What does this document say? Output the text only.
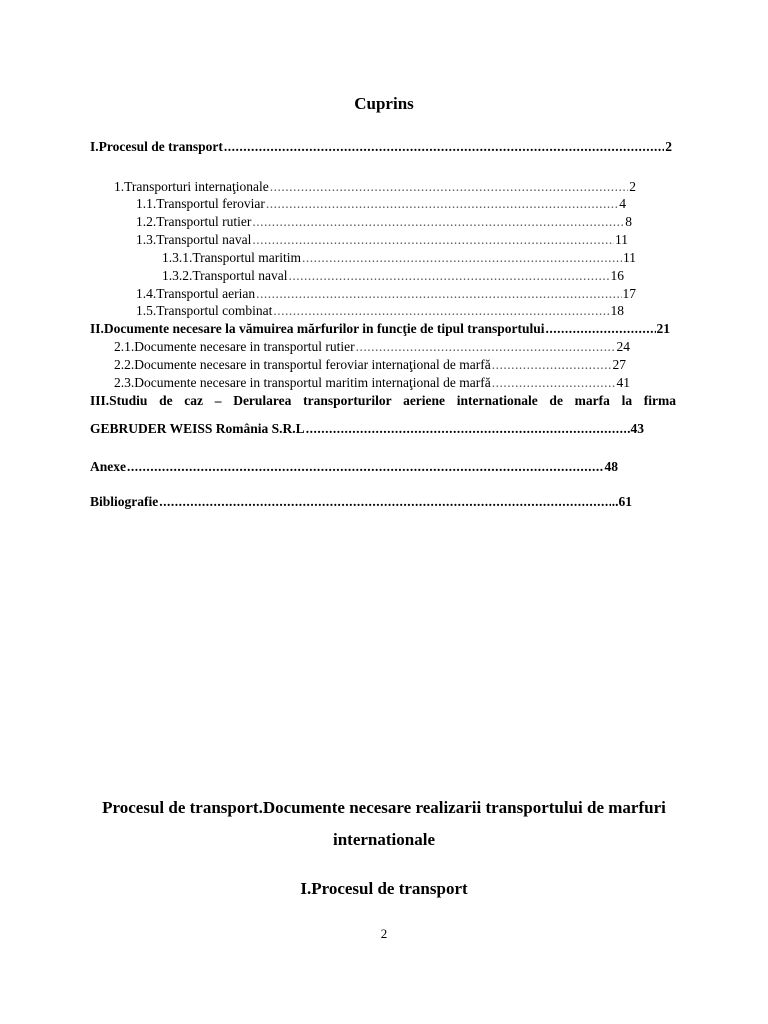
Cuprins
I.Procesul de transport .....	2
1.Transporturi internaţionale .....	2
1.1.Transportul feroviar .....	4
1.2.Transportul rutier .....	8
1.3.Transportul naval .....	11
1.3.1.Transportul maritim .....	11
1.3.2.Transportul naval .....	16
1.4.Transportul aerian .....	17
1.5.Transportul combinat .....	18
II.Documente necesare la vămuirea mărfurilor in funcţie de tipul transportului .....	21
2.1.Documente necesare in transportul rutier .....	24
2.2.Documente necesare in transportul feroviar internaţional de marfă .....	27
2.3.Documente necesare in transportul maritim internaţional de marfă .....	41
III.Studiu de caz – Derularea transporturilor aeriene internationale de marfa la firma
GEBRUDER WEISS România S.R.L .....	.43
Anexe .....	48
Bibliografie .....	..61
Procesul de transport.Documente necesare realizarii transportului de marfuri
internationale
I.Procesul de transport
2
